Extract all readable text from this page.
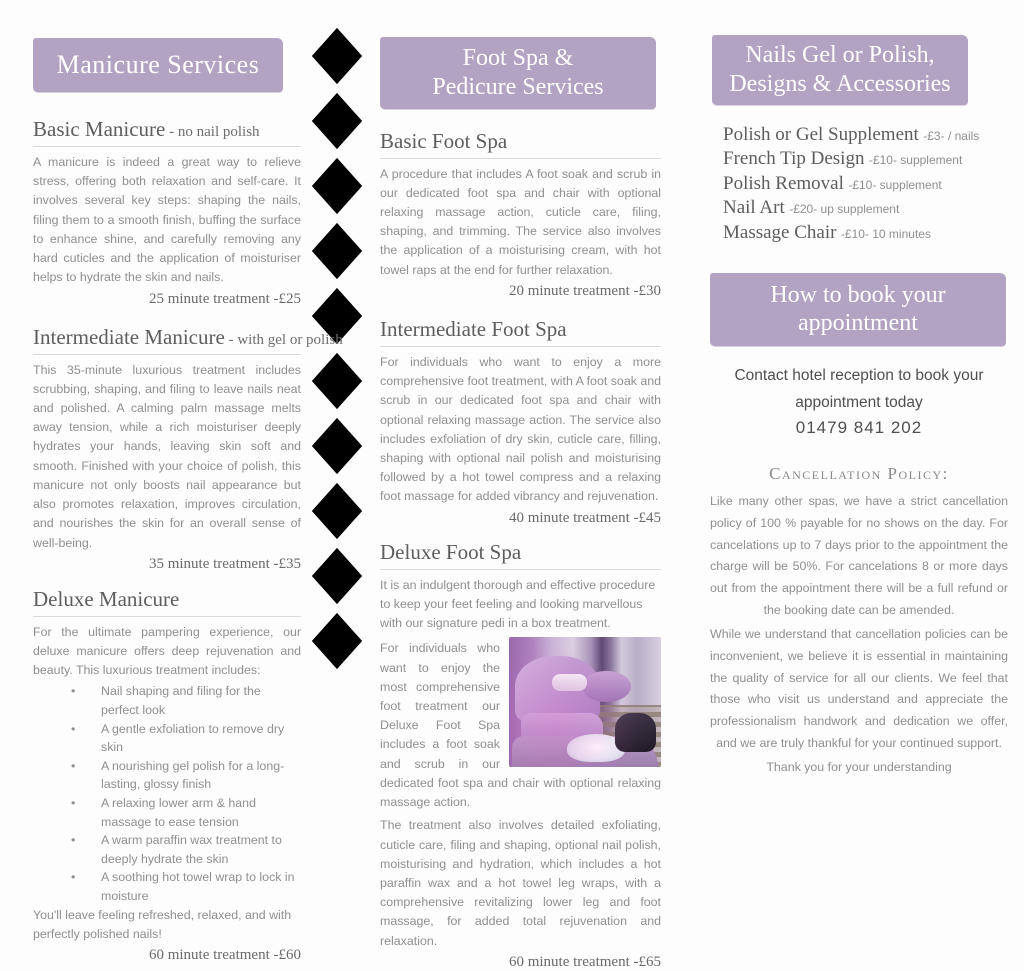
Manicure Services
Basic Manicure - no nail polish

A manicure is indeed a great way to relieve stress, offering both relaxation and self-care. It involves several key steps: shaping the nails, filing them to a smooth finish, buffing the surface to enhance shine, and carefully removing any hard cuticles and the application of moisturiser helps to hydrate the skin and nails.

25 minute treatment -£25
Intermediate Manicure - with gel or polish

This 35-minute luxurious treatment includes scrubbing, shaping, and filing to leave nails neat and polished. A calming palm massage melts away tension, while a rich moisturiser deeply hydrates your hands, leaving skin soft and smooth. Finished with your choice of polish, this manicure not only boosts nail appearance but also promotes relaxation, improves circulation, and nourishes the skin for an overall sense of well-being.

35 minute treatment -£35
Deluxe Manicure

For the ultimate pampering experience, our deluxe manicure offers deep rejuvenation and beauty. This luxurious treatment includes:

• Nail shaping and filing for the perfect look
• A gentle exfoliation to remove dry skin
• A nourishing gel polish for a long-lasting, glossy finish
• A relaxing lower arm & hand massage to ease tension
• A warm paraffin wax treatment to deeply hydrate the skin
• A soothing hot towel wrap to lock in moisture

You'll leave feeling refreshed, relaxed, and with perfectly polished nails!

60 minute treatment -£60
Foot Spa &
Pedicure Services
Basic Foot Spa

A procedure that includes A foot soak and scrub in our dedicated foot spa and chair with optional relaxing massage action, cuticle care, filing, shaping, and trimming. The service also involves the application of a moisturising cream, with hot towel raps at the end for further relaxation.

20 minute treatment -£30
Intermediate Foot Spa

For individuals who want to enjoy a more comprehensive foot treatment, with A foot soak and scrub in our dedicated foot spa and chair with optional relaxing massage action. The service also includes exfoliation of dry skin, cuticle care, filling, shaping with optional nail polish and moisturising followed by a hot towel compress and a relaxing foot massage for added vibrancy and rejuvenation.

40 minute treatment -£45
Deluxe Foot Spa

It is an indulgent thorough and effective procedure to keep your feet feeling and looking marvellous with our signature pedi in a box treatment.

For individuals who want to enjoy the most comprehensive foot treatment our Deluxe Foot Spa includes a foot soak and scrub in our dedicated foot spa and chair with optional relaxing massage action.

The treatment also involves detailed exfoliating, cuticle care, filing and shaping, optional nail polish, moisturising and hydration, which includes a hot paraffin wax and a hot towel leg wraps, with a comprehensive revitalizing lower leg and foot massage, for added total rejuvenation and relaxation.

60 minute treatment -£65
Nails Gel or Polish,
Designs & Accessories
Polish or Gel Supplement -£3- / nails
French Tip Design -£10- supplement
Polish Removal -£10- supplement
Nail Art -£20- up supplement
Massage Chair -£10- 10 minutes
How to book your
appointment
Contact hotel reception to book your
appointment today
01479 841 202
Cancellation Policy:

Like many other spas, we have a strict cancellation policy of 100 % payable for no shows on the day. For cancelations up to 7 days prior to the appointment the charge will be 50%. For cancelations 8 or more days out from the appointment there will be a full refund or the booking date can be amended.

While we understand that cancellation policies can be inconvenient, we believe it is essential in maintaining the quality of service for all our clients. We feel that those who visit us understand and appreciate the professionalism handwork and dedication we offer, and we are truly thankful for your continued support.

Thank you for your understanding
